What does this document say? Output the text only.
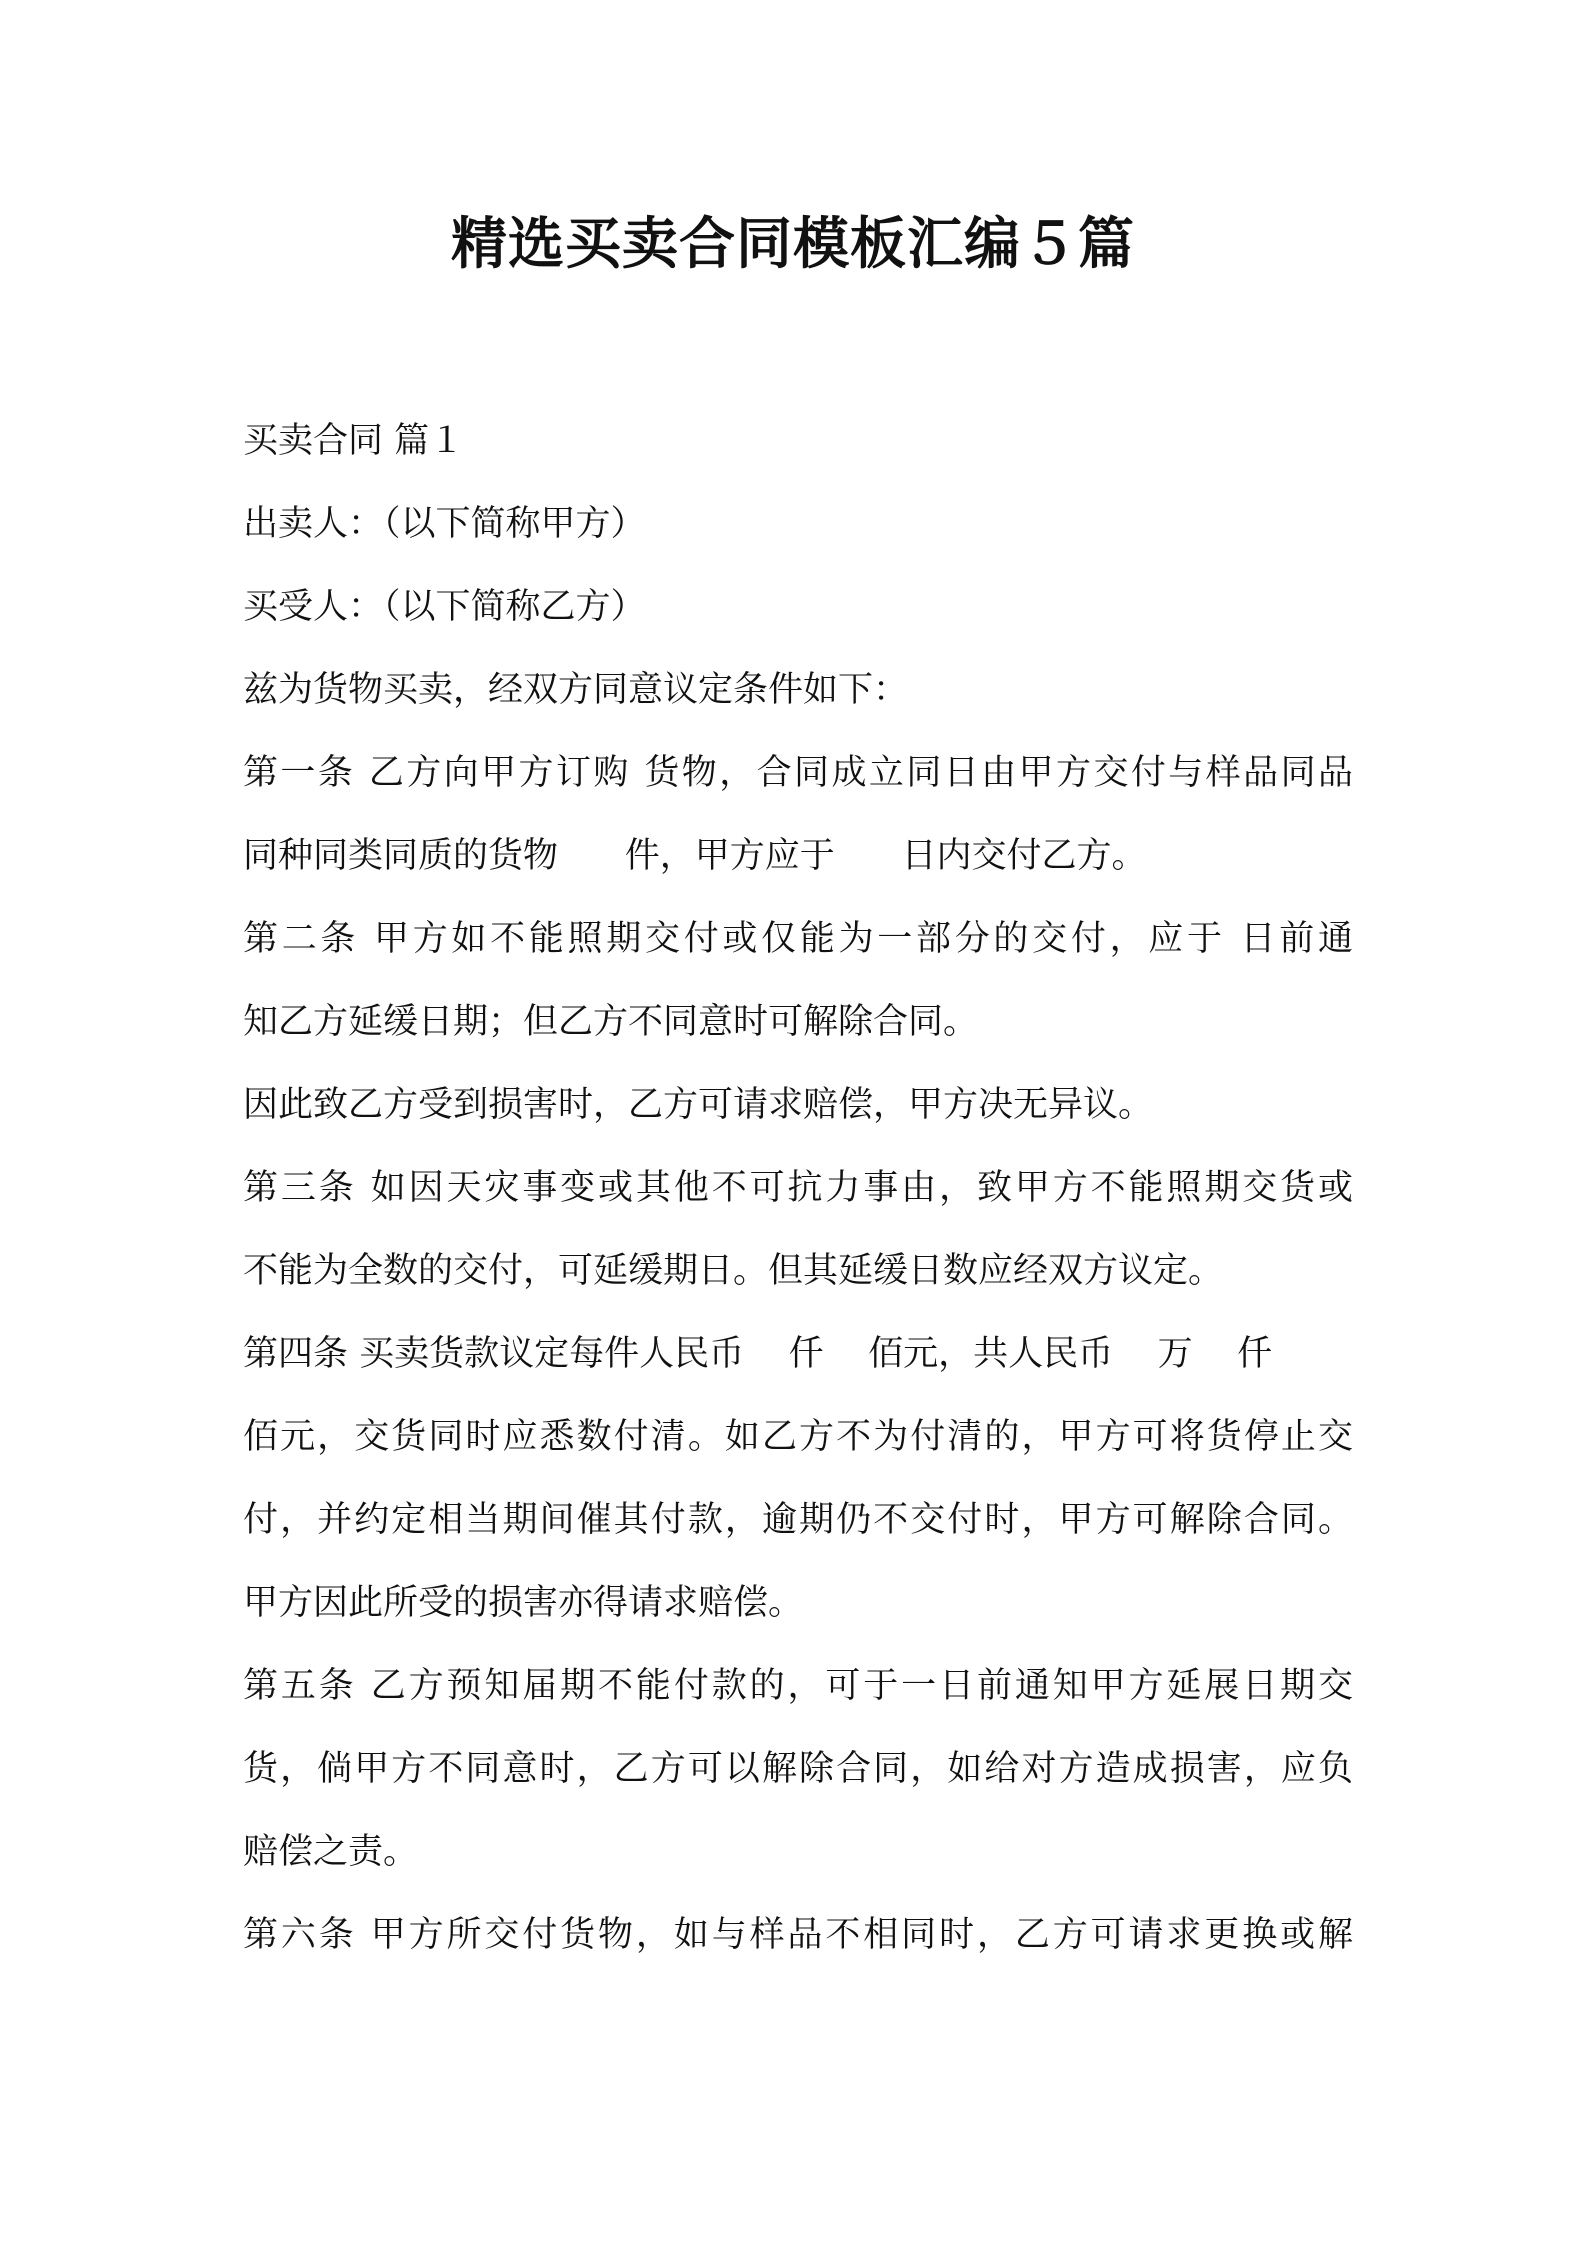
精选买卖合同模板汇编５篇
买卖合同 篇１
出卖人：（以下简称甲方）
买受人：（以下简称乙方）
兹为货物买卖，经双方同意议定条件如下：
第一条 乙方向甲方订购 货物，合同成立同日由甲方交付与样品同品
同种同类同质的货物      件，甲方应于      日内交付乙方。
第二条 甲方如不能照期交付或仅能为一部分的交付，应于 日前通
知乙方延缓日期；但乙方不同意时可解除合同。
因此致乙方受到损害时，乙方可请求赔偿，甲方决无异议。
第三条 如因天灾事变或其他不可抗力事由，致甲方不能照期交货或
不能为全数的交付，可延缓期日。但其延缓日数应经双方议定。
第四条 买卖货款议定每件人民币    仟    佰元，共人民币    万    仟
佰元，交货同时应悉数付清。如乙方不为付清的，甲方可将货停止交
付，并约定相当期间催其付款，逾期仍不交付时，甲方可解除合同。
甲方因此所受的损害亦得请求赔偿。
第五条 乙方预知届期不能付款的，可于一日前通知甲方延展日期交
货，倘甲方不同意时，乙方可以解除合同，如给对方造成损害，应负
赔偿之责。
第六条 甲方所交付货物，如与样品不相同时，乙方可请求更换或解
